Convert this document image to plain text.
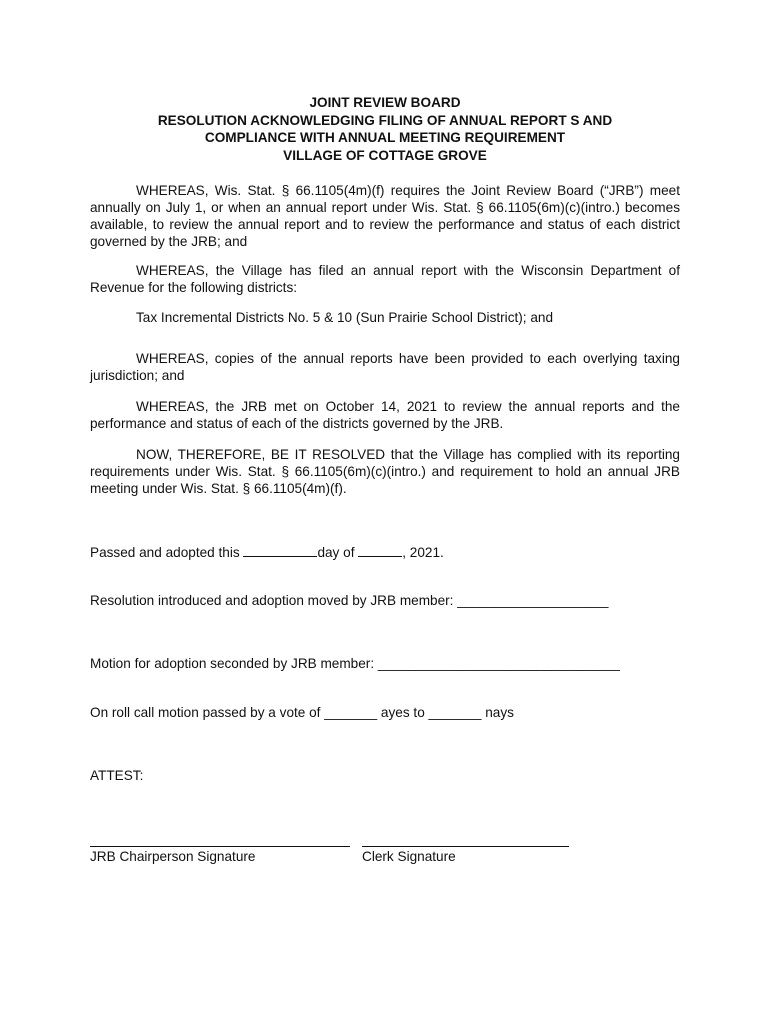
JOINT REVIEW BOARD
RESOLUTION ACKNOWLEDGING FILING OF ANNUAL REPORT S AND
COMPLIANCE WITH ANNUAL MEETING REQUIREMENT
VILLAGE OF COTTAGE GROVE
WHEREAS, Wis. Stat. § 66.1105(4m)(f) requires the Joint Review Board (“JRB”) meet annually on July 1, or when an annual report under Wis. Stat. § 66.1105(6m)(c)(intro.) becomes available, to review the annual report and to review the performance and status of each district governed by the JRB; and
WHEREAS, the Village has filed an annual report with the Wisconsin Department of Revenue for the following districts:
Tax Incremental Districts No. 5 & 10 (Sun Prairie School District); and
WHEREAS, copies of the annual reports have been provided to each overlying taxing jurisdiction; and
WHEREAS, the JRB met on October 14, 2021 to review the annual reports and the performance and status of each of the districts governed by the JRB.
NOW, THEREFORE, BE IT RESOLVED that the Village has complied with its reporting requirements under Wis. Stat. § 66.1105(6m)(c)(intro.) and requirement to hold an annual JRB meeting under Wis. Stat. § 66.1105(4m)(f).
Passed and adopted this	day of	, 2021.
Resolution introduced and adoption moved by JRB member: ____________________
Motion for adoption seconded by JRB member: ________________________________
On roll call motion passed by a vote of _______ ayes to _______ nays
ATTEST:
JRB Chairperson Signature	Clerk Signature
